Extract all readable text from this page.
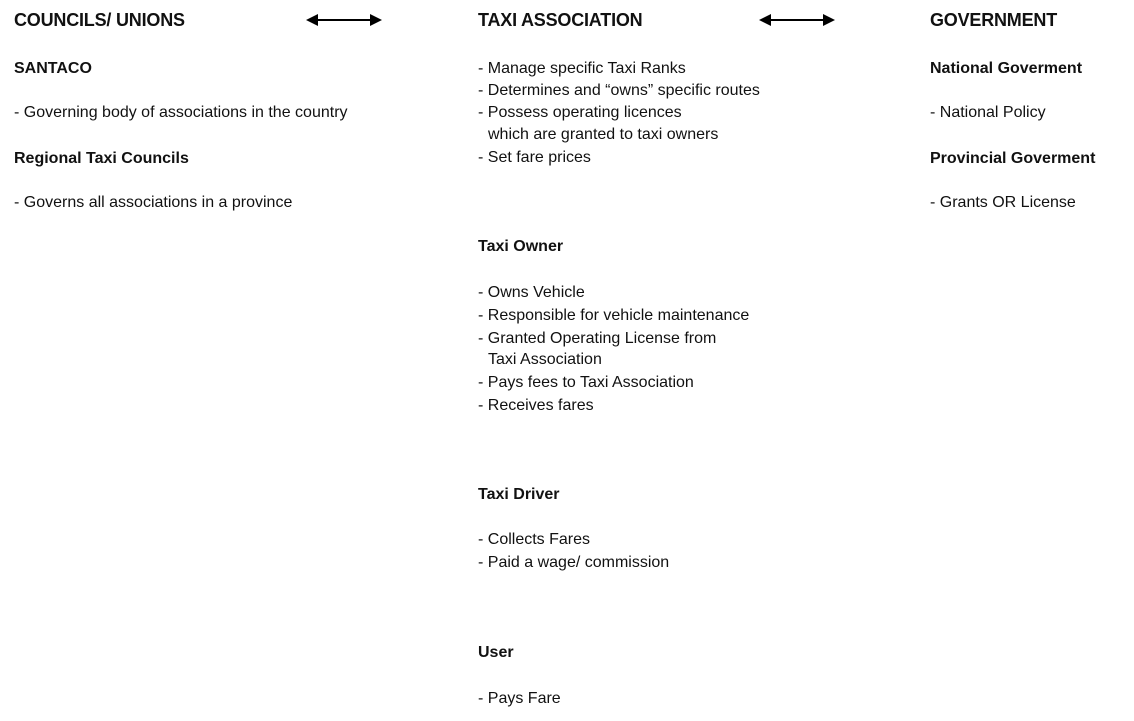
COUNCILS/ UNIONS
SANTACO
- Governing body of associations in the country
Regional Taxi Councils
- Governs all associations in a province
TAXI ASSOCIATION
- Manage specific Taxi Ranks
- Determines and “owns” specific routes
- Possess operating licences
which are granted to taxi owners
- Set fare prices
Taxi Owner
- Owns Vehicle
- Responsible for vehicle maintenance
- Granted Operating License from
Taxi Association
- Pays fees to Taxi Association
- Receives fares
Taxi Driver
- Collects Fares
- Paid a wage/ commission
User
- Pays Fare
GOVERNMENT
National Goverment
- National Policy
Provincial Goverment
- Grants OR License
